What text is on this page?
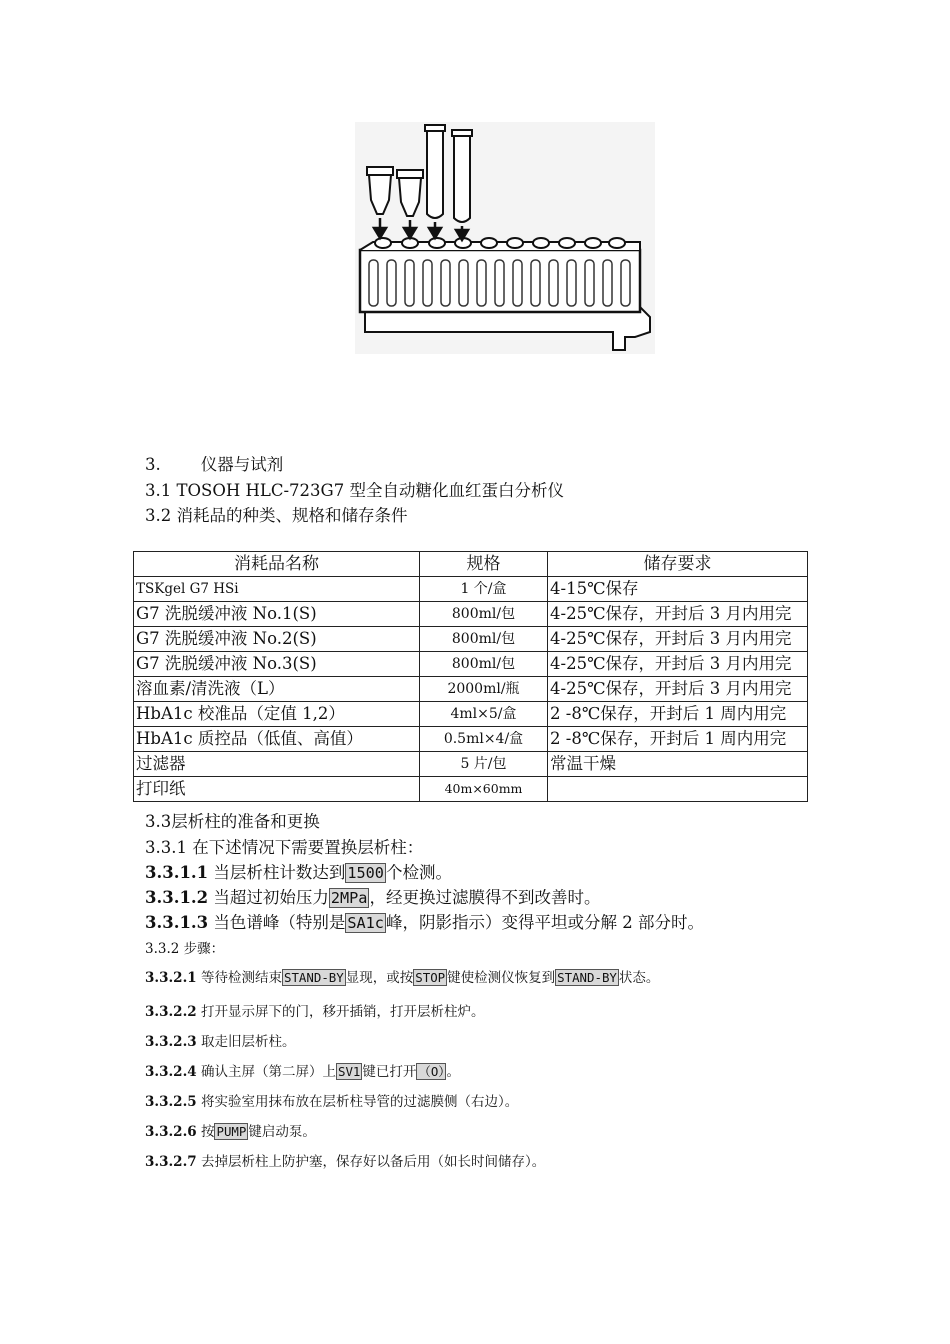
3. 仪器与试剂
3.1 TOSOH HLC-723G7 型全自动糖化血红蛋白分析仪
3.2 消耗品的种类、规格和储存条件
消耗品名称	规格	储存要求
TSKgel G7 HSi	1 个/盒	4-15℃保存
G7 洗脱缓冲液 No.1(S)	800ml/包	4-25℃保存，开封后 3 月内用完
G7 洗脱缓冲液 No.2(S)	800ml/包	4-25℃保存，开封后 3 月内用完
G7 洗脱缓冲液 No.3(S)	800ml/包	4-25℃保存，开封后 3 月内用完
溶血素/清洗液（L）	2000ml/瓶	4-25℃保存，开封后 3 月内用完
HbA1c 校准品（定值 1,2）	4ml×5/盒	2 -8℃保存，开封后 1 周内用完
HbA1c 质控品（低值、高值）	0.5ml×4/盒	2 -8℃保存，开封后 1 周内用完
过滤器	5 片/包	常温干燥
打印纸	40m×60mm	
3.3层析柱的准备和更换
3.3.1 在下述情况下需要置换层析柱：
3.3.1.1 当层析柱计数达到 1500 个检测。
3.3.1.2 当超过初始压力 2MPa ，经更换过滤膜得不到改善时。
3.3.1.3 当色谱峰（特别是 SA1c 峰，阴影指示）变得平坦或分解 2 部分时。
3.3.2 步骤：
3.3.2.1 等待检测结束 STAND-BY 显现，或按 STOP 键使检测仪恢复到 STAND-BY 状态。
3.3.2.2 打开显示屏下的门，移开插销，打开层析柱炉。
3.3.2.3 取走旧层析柱。
3.3.2.4 确认主屏（第二屏）上 SV1 键已打开 （O） 。
3.3.2.5 将实验室用抹布放在层析柱导管的过滤膜侧（右边）。
3.3.2.6 按 PUMP 键启动泵。
3.3.2.7 去掉层析柱上防护塞，保存好以备后用（如长时间储存）。
